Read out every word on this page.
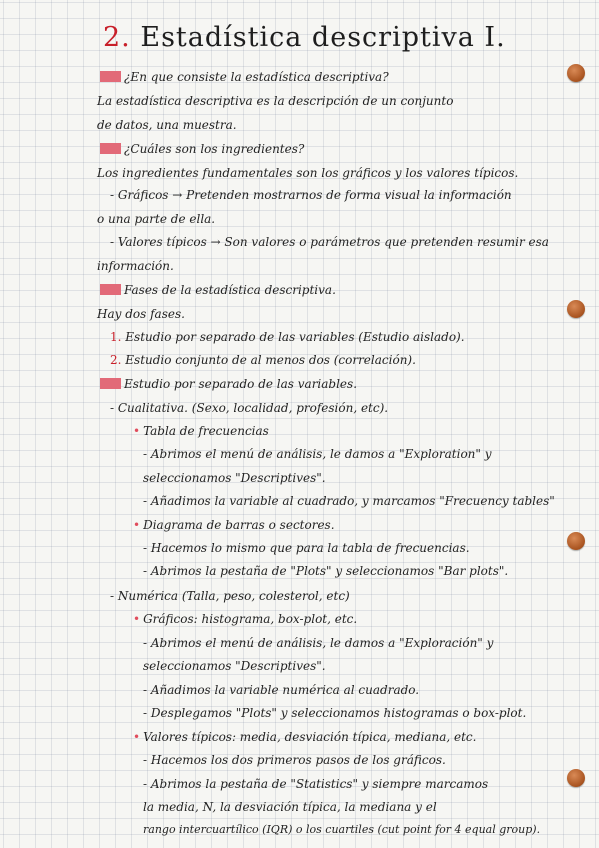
2. Estadística descriptiva I.
¿En que consiste la estadística descriptiva?
La estadística descriptiva es la descripción de un conjunto
de datos, una muestra.
¿Cuáles son los ingredientes?
Los ingredientes fundamentales son los gráficos y los valores típicos.
- Gráficos → Pretenden mostrarnos de forma visual la información
o una parte de ella.
- Valores típicos → Son valores o parámetros que pretenden resumir esa
información.
Fases de la estadística descriptiva.
Hay dos fases.
1. Estudio por separado de las variables (Estudio aislado).
2. Estudio conjunto de al menos dos (correlación).
Estudio por separado de las variables.
- Cualitativa. (Sexo, localidad, profesión, etc).
• Tabla de frecuencias
- Abrimos el menú de análisis, le damos a "Exploration" y
seleccionamos "Descriptives".
- Añadimos la variable al cuadrado, y marcamos "Frecuency tables"
• Diagrama de barras o sectores.
- Hacemos lo mismo que para la tabla de frecuencias.
- Abrimos la pestaña de "Plots" y seleccionamos "Bar plots".
- Numérica (Talla, peso, colesterol, etc)
• Gráficos: histograma, box-plot, etc.
- Abrimos el menú de análisis, le damos a "Exploración" y
seleccionamos "Descriptives".
- Añadimos la variable numérica al cuadrado.
- Desplegamos "Plots" y seleccionamos histogramas o box-plot.
• Valores típicos: media, desviación típica, mediana, etc.
- Hacemos los dos primeros pasos de los gráficos.
- Abrimos la pestaña de "Statistics" y siempre marcamos
la media, N, la desviación típica, la mediana y el
rango intercuartílico (IQR) o los cuartiles (cut point for 4 equal group).
